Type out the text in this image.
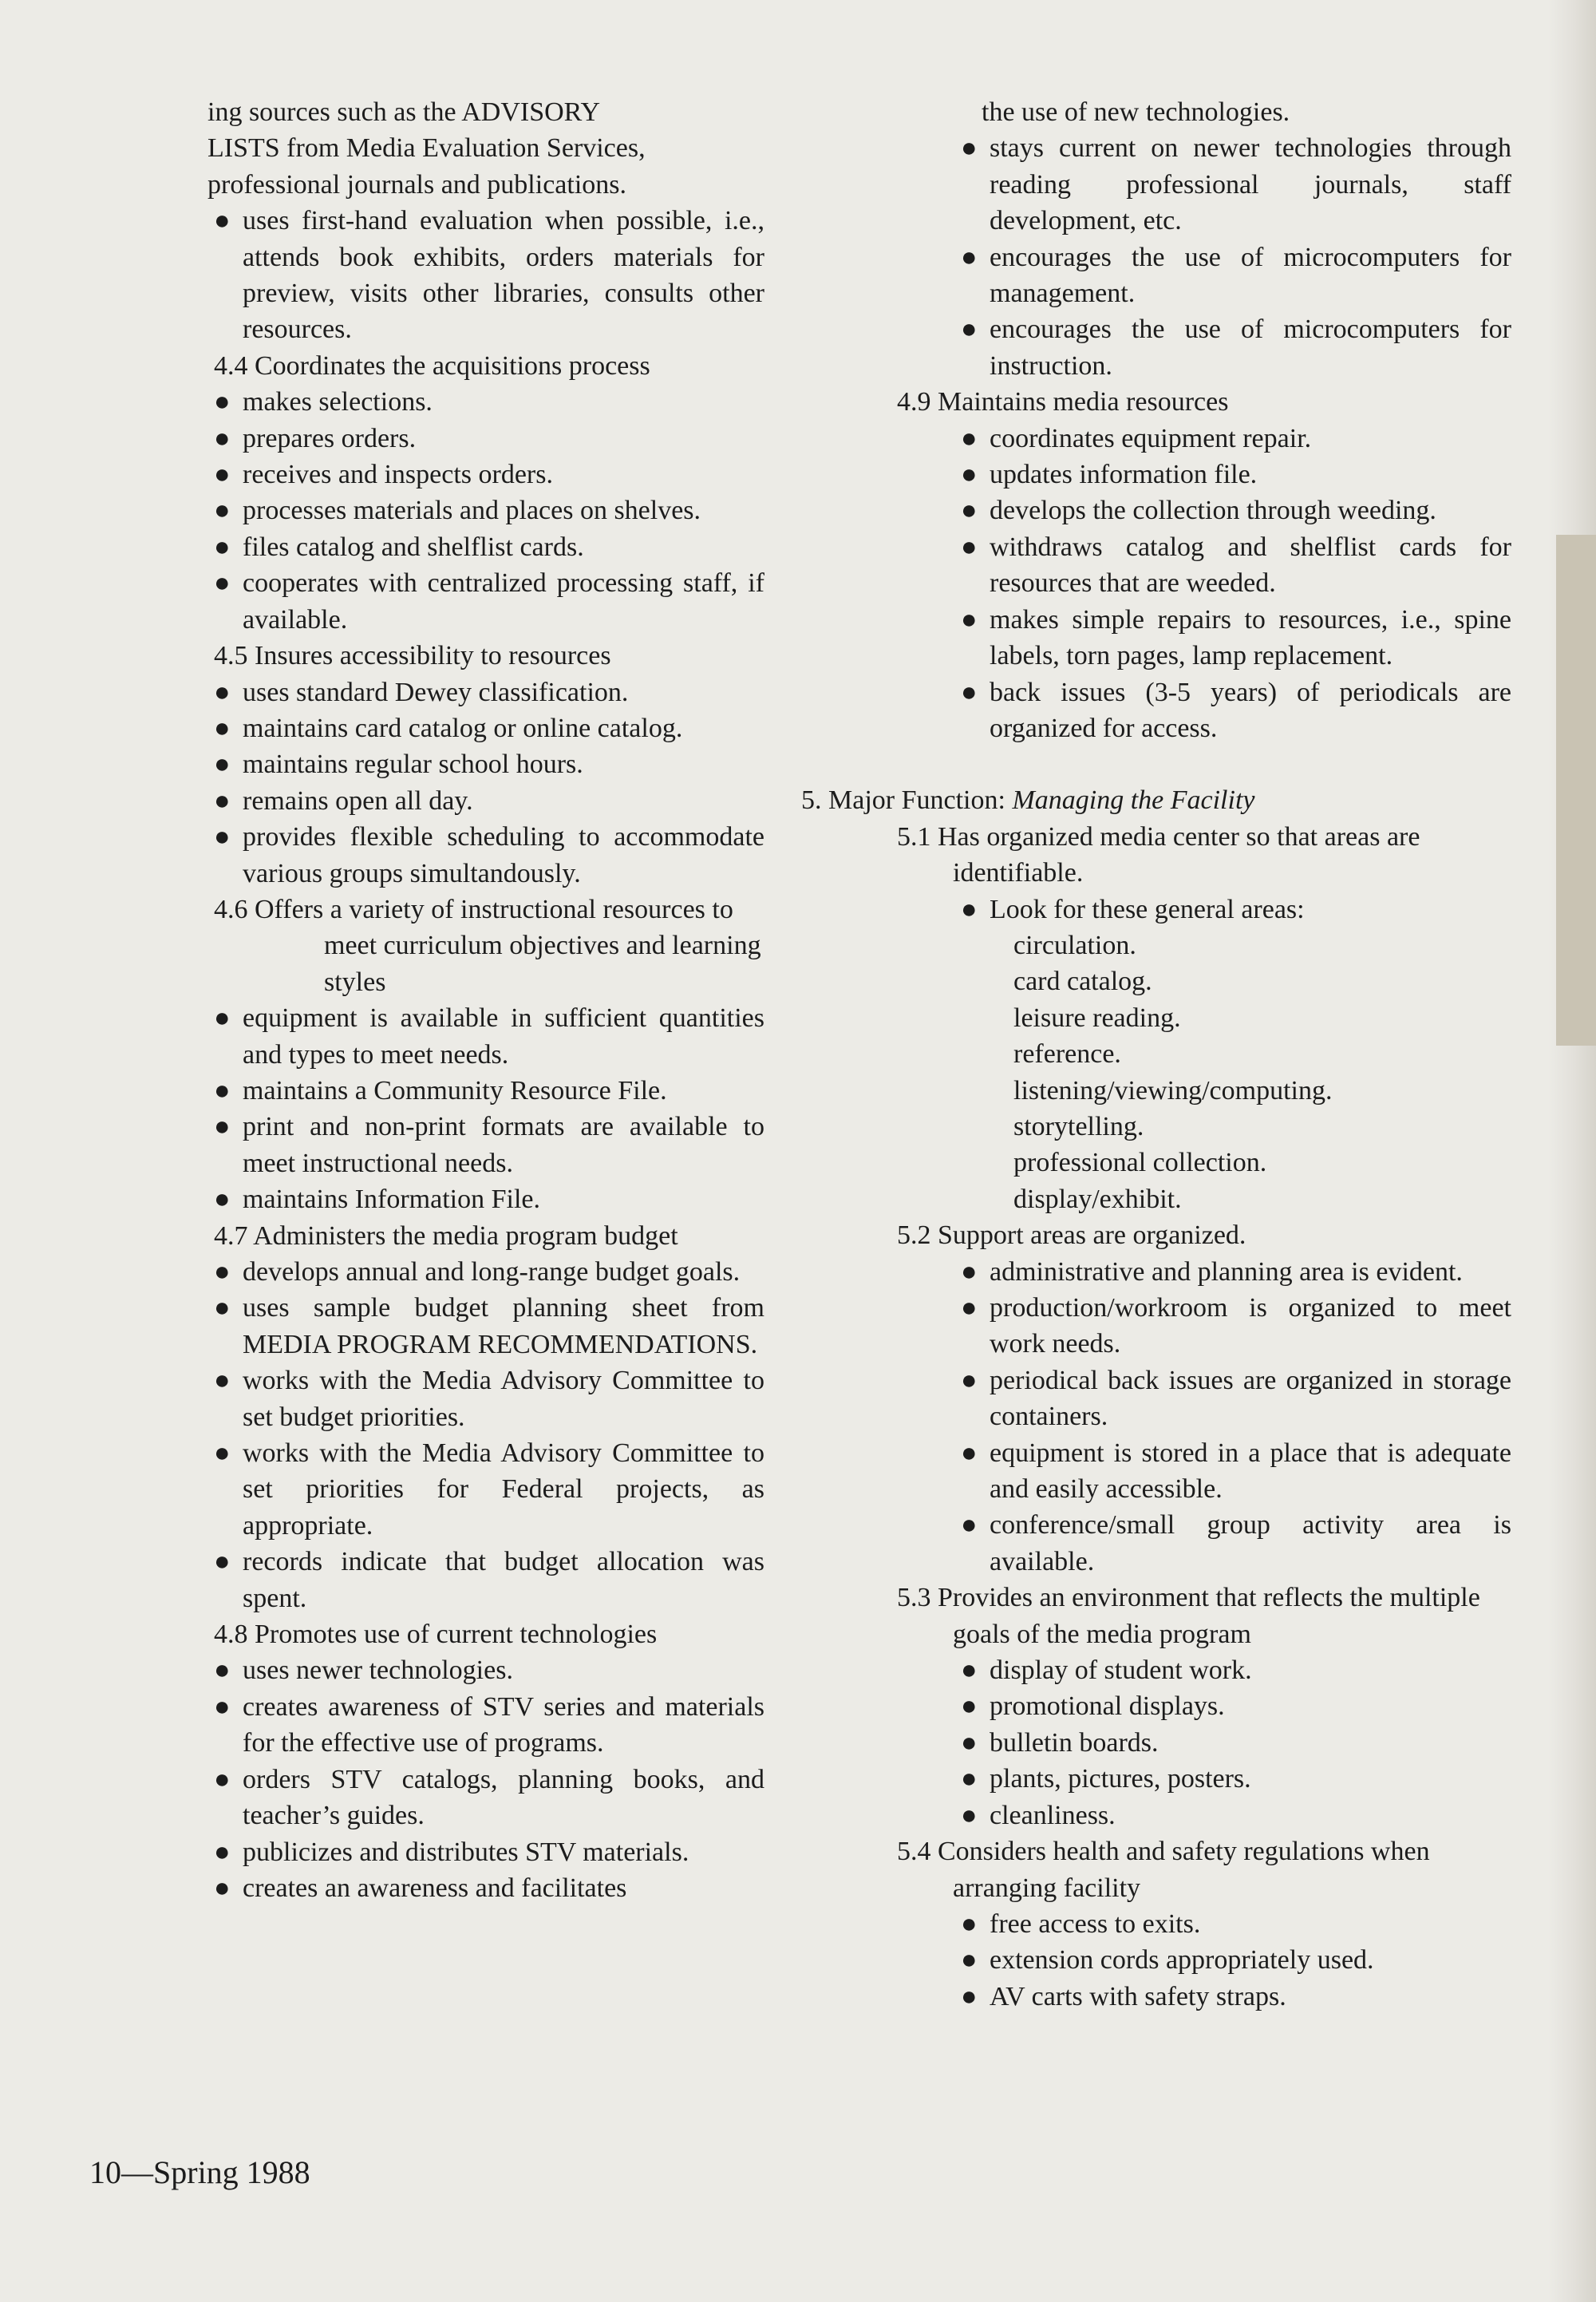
ing sources such as the ADVISORY
LISTS from Media Evaluation Services,
professional journals and publications.
● uses first-hand evaluation when possible, i.e., attends book exhibits, orders materials for preview, visits other libraries, consults other resources.
4.4 Coordinates the acquisitions process
● makes selections.
● prepares orders.
● receives and inspects orders.
● processes materials and places on shelves.
● files catalog and shelflist cards.
● cooperates with centralized processing staff, if available.
4.5 Insures accessibility to resources
● uses standard Dewey classification.
● maintains card catalog or online catalog.
● maintains regular school hours.
● remains open all day.
● provides flexible scheduling to accommodate various groups simultandously.
4.6 Offers a variety of instructional resources to meet curriculum objectives and learning styles
● equipment is available in sufficient quantities and types to meet needs.
● maintains a Community Resource File.
● print and non-print formats are available to meet instructional needs.
● maintains Information File.
4.7 Administers the media program budget
● develops annual and long-range budget goals.
● uses sample budget planning sheet from MEDIA PROGRAM RECOMMENDATIONS.
● works with the Media Advisory Committee to set budget priorities.
● works with the Media Advisory Committee to set priorities for Federal projects, as appropriate.
● records indicate that budget allocation was spent.
4.8 Promotes use of current technologies
● uses newer technologies.
● creates awareness of STV series and materials for the effective use of programs.
● orders STV catalogs, planning books, and teacher’s guides.
● publicizes and distributes STV materials.
● creates an awareness and facilitates
the use of new technologies.
● stays current on newer technologies through reading professional journals, staff development, etc.
● encourages the use of microcomputers for management.
● encourages the use of microcomputers for instruction.
4.9 Maintains media resources
● coordinates equipment repair.
● updates information file.
● develops the collection through weeding.
● withdraws catalog and shelflist cards for resources that are weeded.
● makes simple repairs to resources, i.e., spine labels, torn pages, lamp replacement.
● back issues (3-5 years) of periodicals are organized for access.
5. Major Function: Managing the Facility
5.1 Has organized media center so that areas are identifiable.
● Look for these general areas:
circulation.
card catalog.
leisure reading.
reference.
listening/viewing/computing.
storytelling.
professional collection.
display/exhibit.
5.2 Support areas are organized.
● administrative and planning area is evident.
● production/workroom is organized to meet work needs.
● periodical back issues are organized in storage containers.
● equipment is stored in a place that is adequate and easily accessible.
● conference/small group activity area is available.
5.3 Provides an environment that reflects the multiple goals of the media program
● display of student work.
● promotional displays.
● bulletin boards.
● plants, pictures, posters.
● cleanliness.
5.4 Considers health and safety regulations when arranging facility
● free access to exits.
● extension cords appropriately used.
● AV carts with safety straps.
10—Spring 1988
